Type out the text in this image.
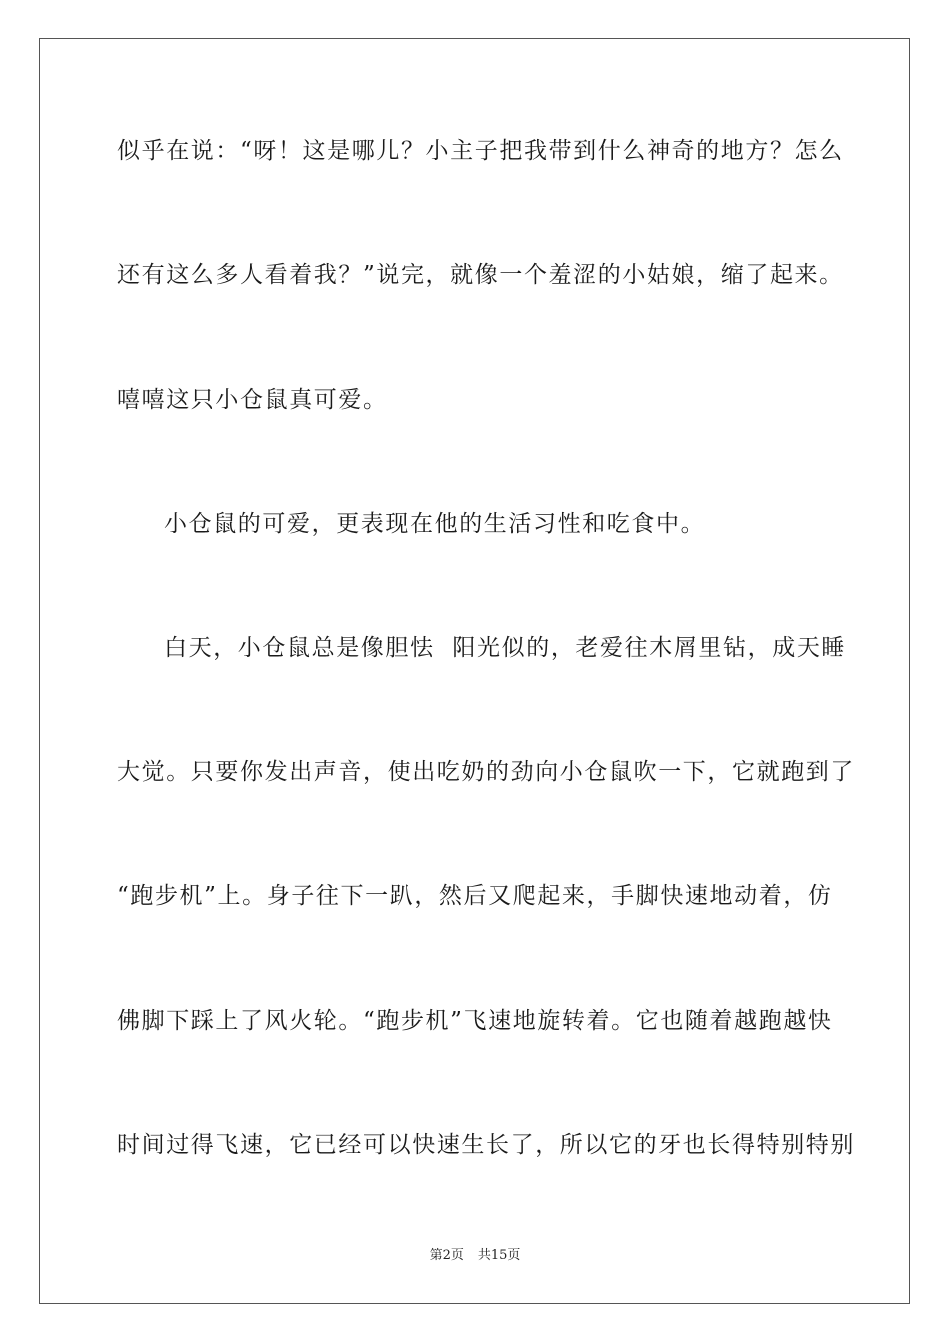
似乎在说：“呀！这是哪儿？小主子把我带到什么神奇的地方？怎么
还有这么多人看着我？”说完，就像一个羞涩的小姑娘，缩了起来。
嘻嘻这只小仓鼠真可爱。
小仓鼠的可爱，更表现在他的生活习性和吃食中。
白天，小仓鼠总是像胆怯  阳光似的，老爱往木屑里钻，成天睡
大觉。只要你发出声音，使出吃奶的劲向小仓鼠吹一下，它就跑到了
“跑步机”上。身子往下一趴，然后又爬起来，手脚快速地动着，仿
佛脚下踩上了风火轮。“跑步机”飞速地旋转着。它也随着越跑越快
时间过得飞速，它已经可以快速生长了，所以它的牙也长得特别特别
第2页 共15页
